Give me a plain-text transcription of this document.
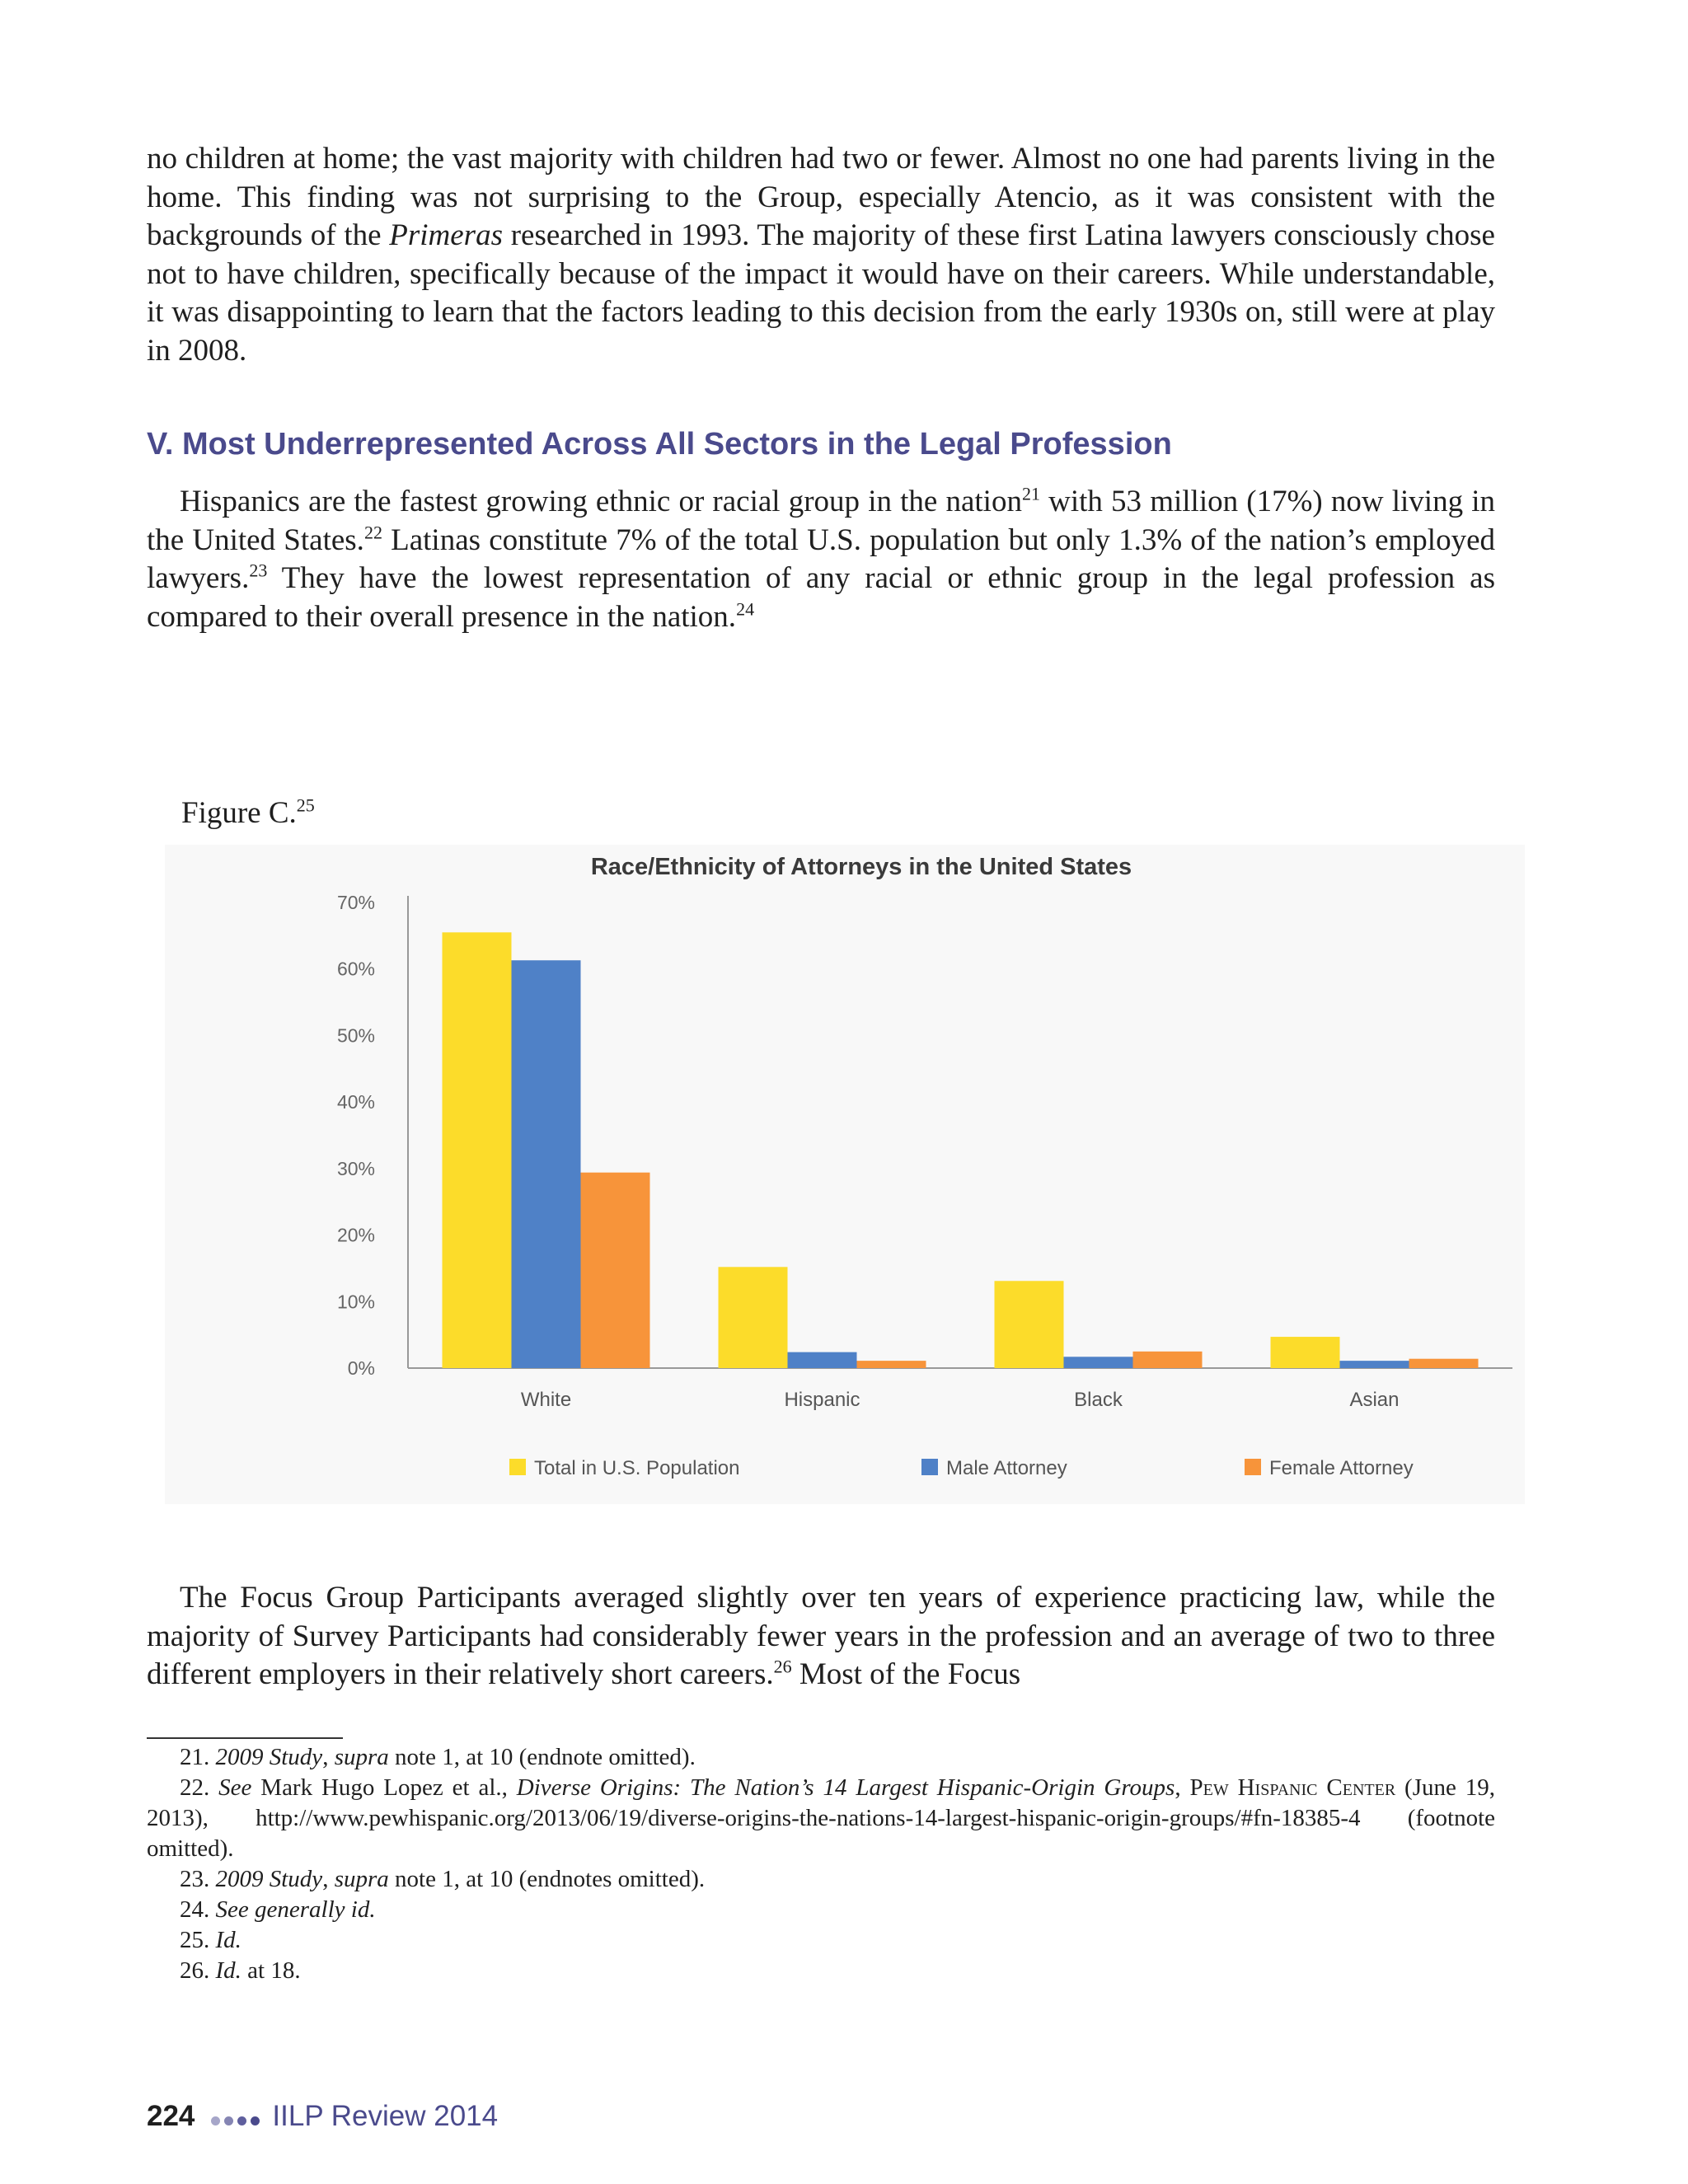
no children at home; the vast majority with children had two or fewer. Almost no one had parents living in the home. This finding was not surprising to the Group, especially Atencio, as it was consistent with the backgrounds of the Primeras researched in 1993. The majority of these first Latina lawyers consciously chose not to have children, specifically because of the impact it would have on their careers. While understandable, it was disappointing to learn that the factors leading to this decision from the early 1930s on, still were at play in 2008.

V. Most Underrepresented Across All Sectors in the Legal Profession

Hispanics are the fastest growing ethnic or racial group in the nation$^{21}$ with 53 million (17%) now living in the United States.$^{22}$ Latinas constitute 7% of the total U.S. population but only 1.3% of the nation’s employed lawyers.$^{23}$ They have the lowest representation of any racial or ethnic group in the legal profession as compared to their overall presence in the nation.$^{24}$

Figure C.$^{25}$
Race/Ethnicity of Attorneys in the United States
0%
10%
20%
30%
40%
50%
60%
70%
White	Hispanic	Black	Asian
Total in U.S. Population	Male Attorney	Female Attorney

The Focus Group Participants averaged slightly over ten years of experience practicing law, while the majority of Survey Participants had considerably fewer years in the profession and an average of two to three different employers in their relatively short careers.$^{26}$ Most of the Focus

21. 2009 Study, supra note 1, at 10 (endnote omitted).

22. See Mark Hugo Lopez et al., Diverse Origins: The Nation’s 14 Largest Hispanic-Origin Groups, Pew Hispanic Center (June 19, 2013), http://www.pewhispanic.org/2013/06/19/diverse-origins-the-nations-14-largest-hispanic-origin-groups/#fn-18385-4 (footnote omitted).

23. 2009 Study, supra note 1, at 10 (endnotes omitted).

24. See generally id.

25. Id.

26. Id. at 18.

224	IILP Review 2014
